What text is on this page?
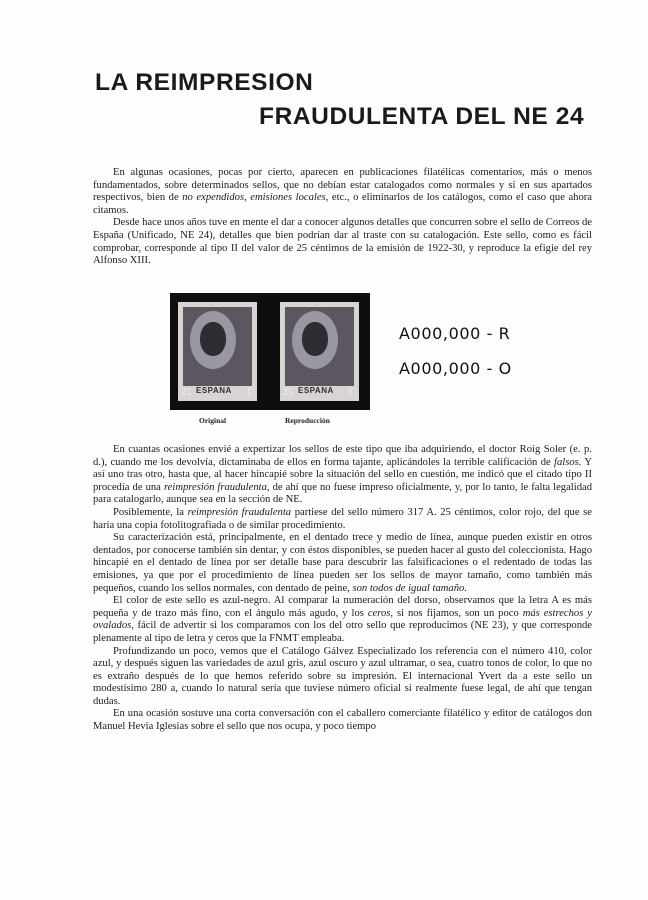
LA REIMPRESION
FRAUDULENTA DEL NE 24
En algunas ocasiones, pocas por cierto, aparecen en publicaciones filatélicas comentarios, más o menos fundamentados, sobre determinados sellos, que no debían estar catalogados como normales y sí en sus apartados respectivos, bien de no expendidos, emisiones locales, etc., o eliminarlos de los catálogos, como el caso que ahora citamos.
Desde hace unos años tuve en mente el dar a conocer algunos detalles que concurren sobre el sello de Correos de España (Unificado, NE 24), detalles que bien podrían dar al traste con su catalogación. Este sello, como es fácil comprobar, corresponde al tipo II del valor de 25 céntimos de la emisión de 1922-30, y reproduce la efigie del rey Alfonso XIII.
25 ESPANA C	25 ESPANA C
Original	Reproducción
A000,000 - R
A000,000 - O
En cuantas ocasiones envié a expertizar los sellos de este tipo que iba adquiriendo, el doctor Roig Soler (e. p. d.), cuando me los devolvía, dictaminaba de ellos en forma tajante, aplicándoles la terrible calificación de falsos. Y así uno tras otro, hasta que, al hacer hincapié sobre la situación del sello en cuestión, me indicó que el citado tipo II procedía de una reimpresión fraudulenta, de ahí que no fuese impreso oficialmente, y, por lo tanto, le falta legalidad para catalogarlo, aunque sea en la sección de NE.
Posiblemente, la reimpresión fraudulenta partiese del sello número 317 A. 25 céntimos, color rojo, del que se haría una copia fotolitografiada o de similar procedimiento.
Su caracterización está, principalmente, en el dentado trece y medio de línea, aunque pueden existir en otros dentados, por conocerse también sin dentar, y con éstos disponibles, se pueden hacer al gusto del coleccionista. Hago hincapié en el dentado de línea por ser detalle base para descubrir las falsificaciones o el redentado de todas las emisiones, ya que por el procedimiento de línea pueden ser los sellos de mayor tamaño, como también más pequeños, cuando los sellos normales, con dentado de peine, son todos de igual tamaño.
El color de este sello es azul-negro. Al comparar la numeración del dorso, observamos que la letra A es más pequeña y de trazo más fino, con el ángulo más agudo, y los ceros, si nos fijamos, son un poco más estrechos y ovalados, fácil de advertir si los comparamos con los del otro sello que reproducimos (NE 23), y que corresponde plenamente al tipo de letra y ceros que la FNMT empleaba.
Profundizando un poco, vemos que el Catálogo Gálvez Especializado los referencia con el número 410, color azul, y después siguen las variedades de azul gris, azul oscuro y azul ultramar, o sea, cuatro tonos de color, lo que no es extraño después de lo que hemos referido sobre su impresión. El internacional Yvert da a este sello un modestísimo 280 a, cuando lo natural sería que tuviese número oficial si realmente fuese legal, de ahí que tengan dudas.
En una ocasión sostuve una corta conversación con el caballero comerciante filatélico y editor de catálogos don Manuel Hevia Iglesias sobre el sello que nos ocupa, y poco tiempo
